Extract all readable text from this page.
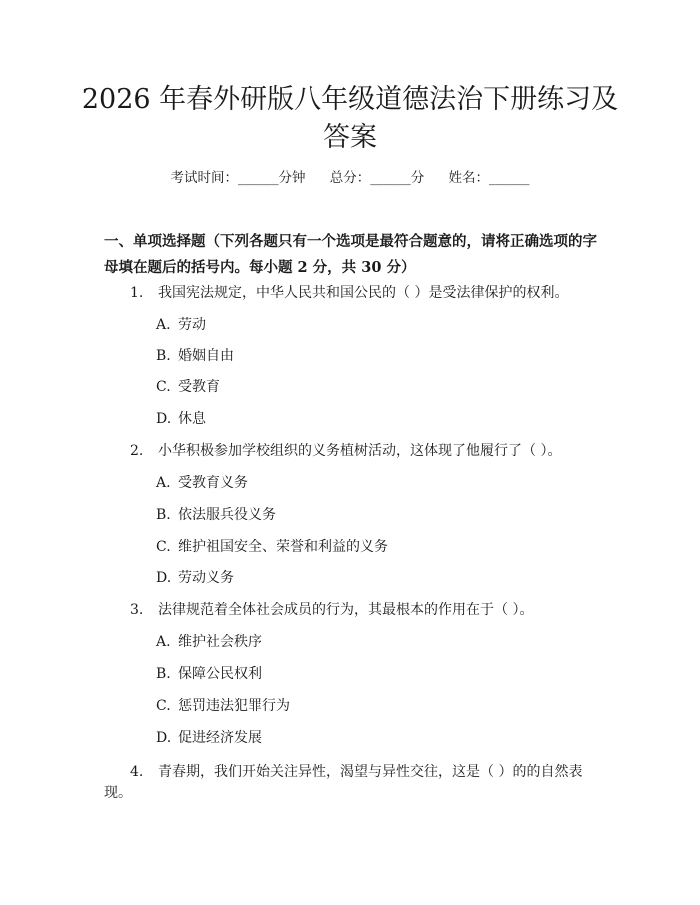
2026 年春外研版八年级道德法治下册练习及
答案
考试时间：______分钟 总分：______分 姓名：______
一、单项选择题（下列各题只有一个选项是最符合题意的，请将正确选项的字母填在题后的括号内。每小题 2 分，共 30 分）
1. 我国宪法规定，中华人民共和国公民的（ ）是受法律保护的权利。
A. 劳动
B. 婚姻自由
C. 受教育
D. 休息
2. 小华积极参加学校组织的义务植树活动，这体现了他履行了（ ）。
A. 受教育义务
B. 依法服兵役义务
C. 维护祖国安全、荣誉和利益的义务
D. 劳动义务
3. 法律规范着全体社会成员的行为，其最根本的作用在于（ ）。
A. 维护社会秩序
B. 保障公民权利
C. 惩罚违法犯罪行为
D. 促进经济发展
4. 青春期，我们开始关注异性，渴望与异性交往，这是（ ）的的自然表
现。
